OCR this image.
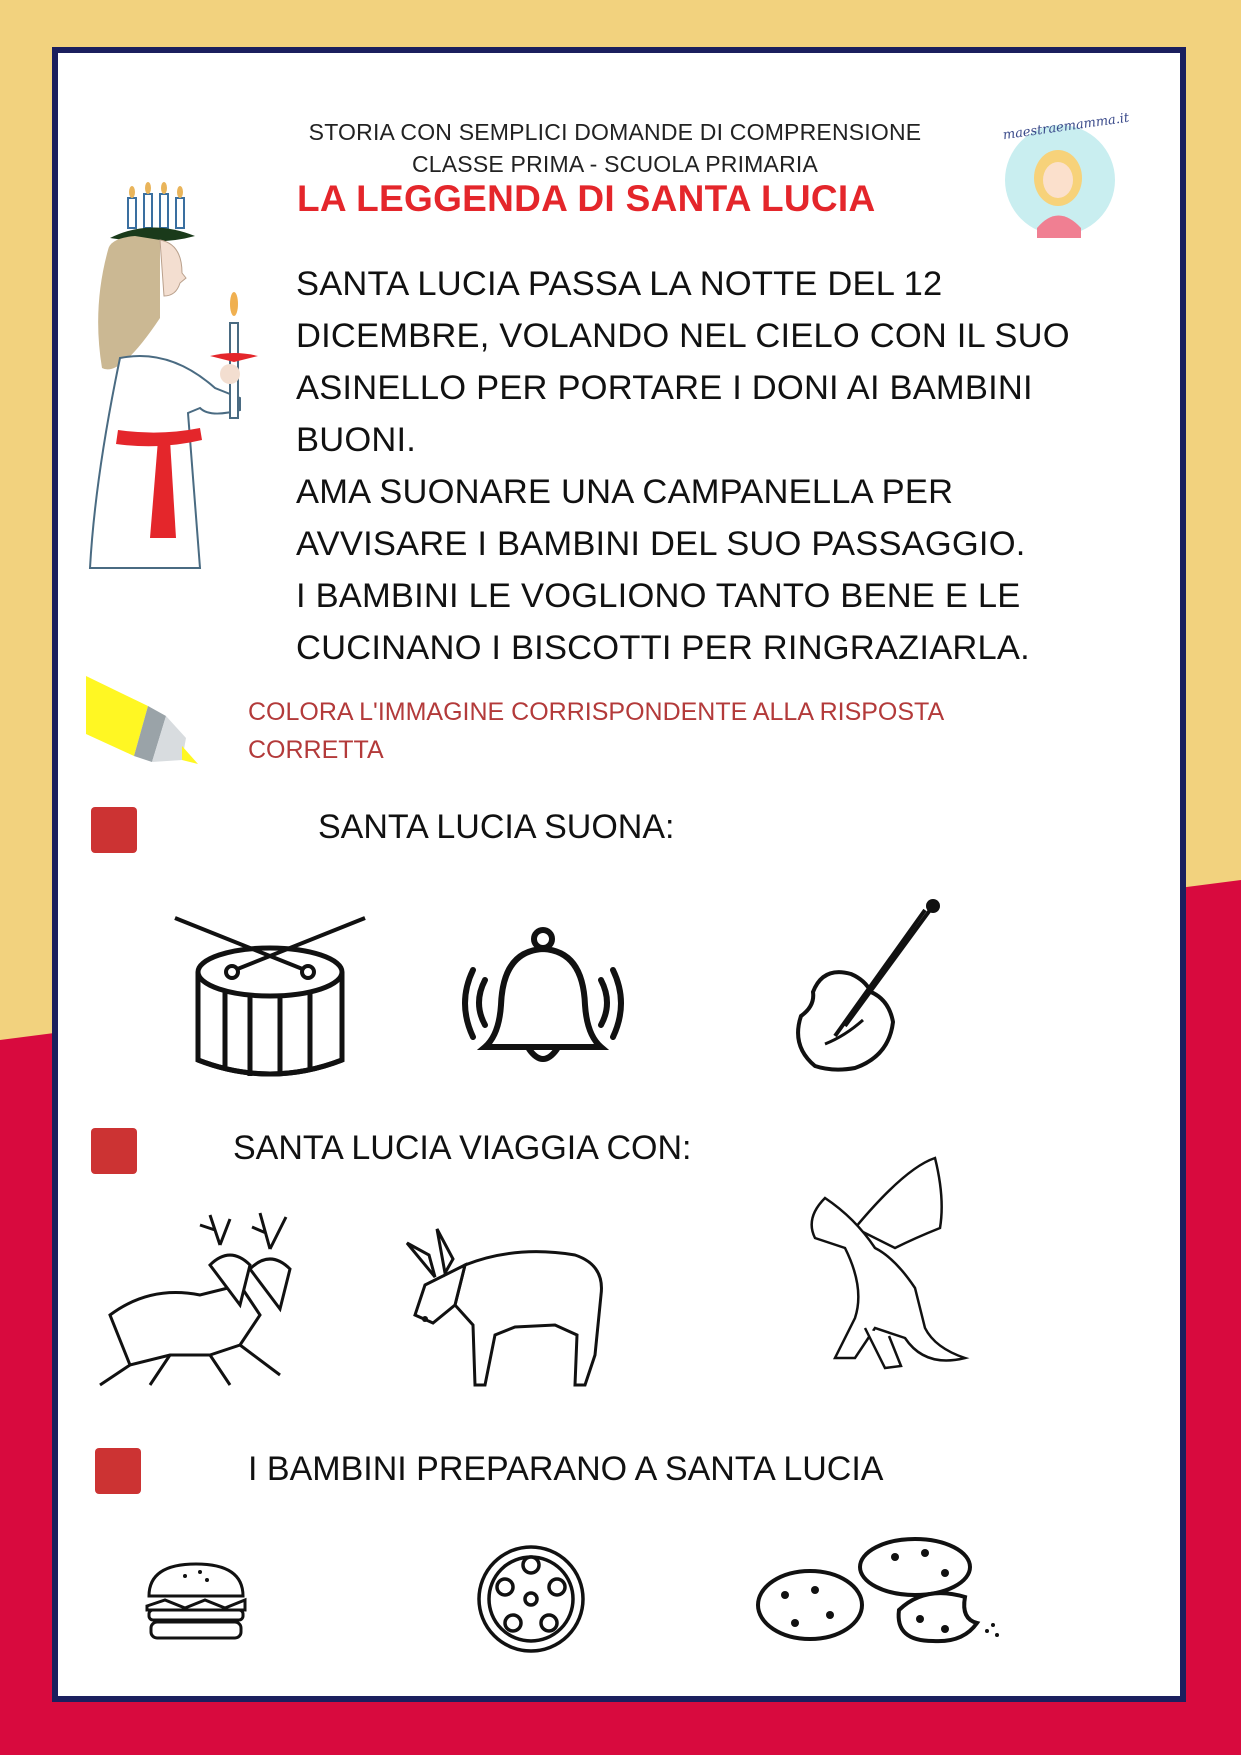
STORIA CON SEMPLICI DOMANDE DI COMPRENSIONE
CLASSE PRIMA - SCUOLA PRIMARIA
LA LEGGENDA DI SANTA LUCIA
maestraemamma.it
SANTA LUCIA PASSA LA NOTTE DEL 12
DICEMBRE, VOLANDO NEL CIELO CON IL SUO
ASINELLO PER PORTARE I DONI AI BAMBINI
BUONI.
AMA SUONARE UNA CAMPANELLA PER
AVVISARE I BAMBINI DEL SUO PASSAGGIO.
I BAMBINI LE VOGLIONO TANTO BENE E LE
CUCINANO I BISCOTTI PER RINGRAZIARLA.
COLORA L'IMMAGINE CORRISPONDENTE ALLA RISPOSTA
CORRETTA
SANTA LUCIA SUONA:
SANTA LUCIA VIAGGIA CON:
I BAMBINI PREPARANO A SANTA LUCIA
